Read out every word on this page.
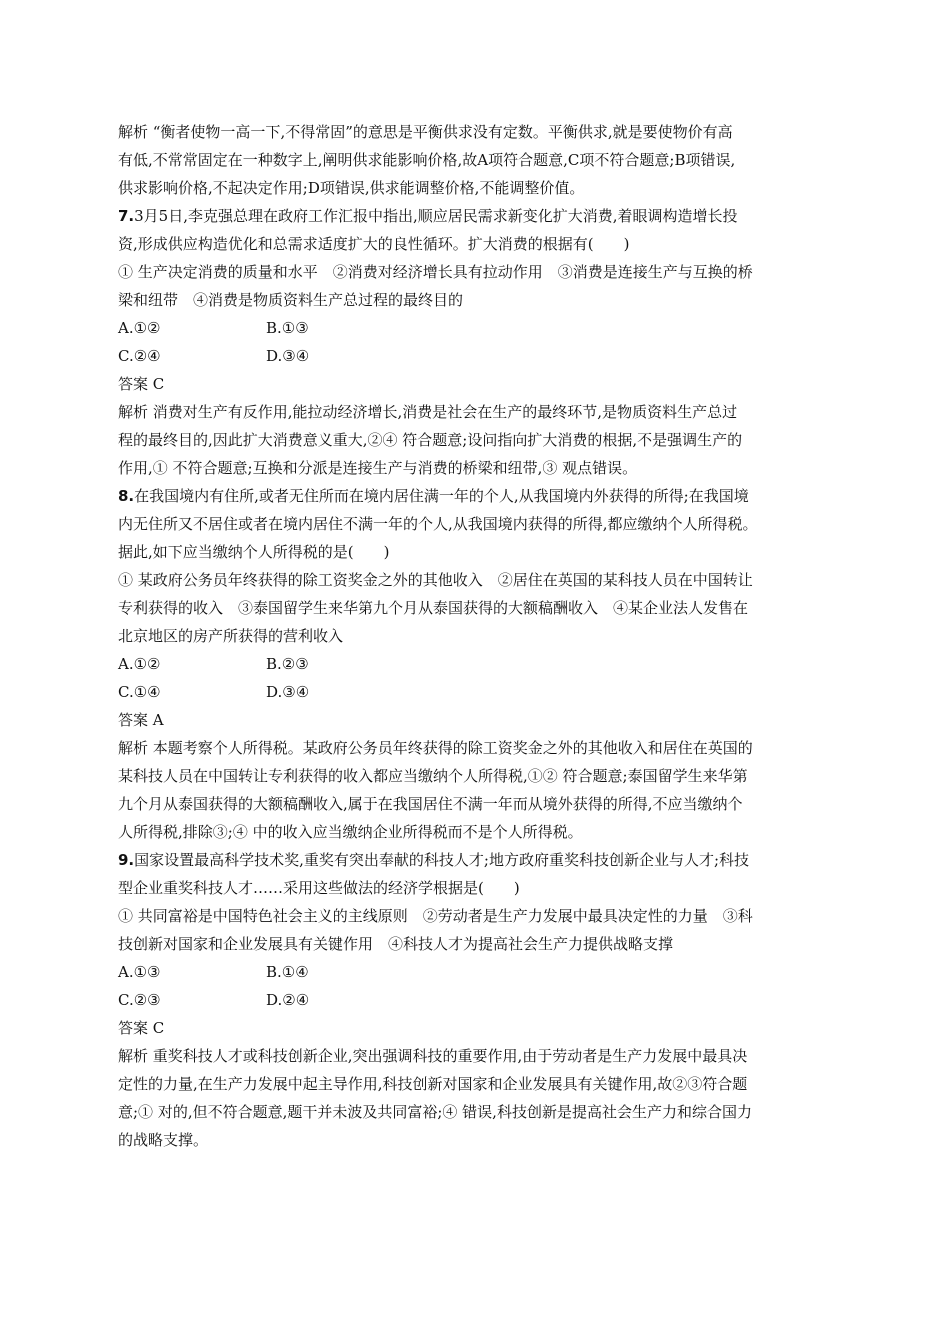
解析 “衡者使物一高一下,不得常固”的意思是平衡供求没有定数。平衡供求,就是要使物价有高
有低,不常常固定在一种数字上,阐明供求能影响价格,故A项符合题意,C项不符合题意;B项错误,
供求影响价格,不起决定作用;D项错误,供求能调整价格,不能调整价值。
7.3月5日,李克强总理在政府工作汇报中指出,顺应居民需求新变化扩大消费,着眼调构造增长投
资,形成供应构造优化和总需求适度扩大的良性循环。扩大消费的根据有(　　)
① 生产决定消费的质量和水平　②消费对经济增长具有拉动作用　③消费是连接生产与互换的桥
梁和纽带　④消费是物质资料生产总过程的最终目的
A.①②	B.①③
C.②④	D.③④
答案 C
解析 消费对生产有反作用,能拉动经济增长,消费是社会在生产的最终环节,是物质资料生产总过
程的最终目的,因此扩大消费意义重大,②④ 符合题意;设问指向扩大消费的根据,不是强调生产的
作用,① 不符合题意;互换和分派是连接生产与消费的桥梁和纽带,③ 观点错误。
8.在我国境内有住所,或者无住所而在境内居住满一年的个人,从我国境内外获得的所得;在我国境
内无住所又不居住或者在境内居住不满一年的个人,从我国境内获得的所得,都应缴纳个人所得税。
据此,如下应当缴纳个人所得税的是(　　)
① 某政府公务员年终获得的除工资奖金之外的其他收入　②居住在英国的某科技人员在中国转让
专利获得的收入　③泰国留学生来华第九个月从泰国获得的大额稿酬收入　④某企业法人发售在
北京地区的房产所获得的营利收入
A.①②	B.②③
C.①④	D.③④
答案 A
解析 本题考察个人所得税。某政府公务员年终获得的除工资奖金之外的其他收入和居住在英国的
某科技人员在中国转让专利获得的收入都应当缴纳个人所得税,①② 符合题意;泰国留学生来华第
九个月从泰国获得的大额稿酬收入,属于在我国居住不满一年而从境外获得的所得,不应当缴纳个
人所得税,排除③;④ 中的收入应当缴纳企业所得税而不是个人所得税。
9.国家设置最高科学技术奖,重奖有突出奉献的科技人才;地方政府重奖科技创新企业与人才;科技
型企业重奖科技人才……采用这些做法的经济学根据是(　　)
① 共同富裕是中国特色社会主义的主线原则　②劳动者是生产力发展中最具决定性的力量　③科
技创新对国家和企业发展具有关键作用　④科技人才为提高社会生产力提供战略支撑
A.①③	B.①④
C.②③	D.②④
答案 C
解析 重奖科技人才或科技创新企业,突出强调科技的重要作用,由于劳动者是生产力发展中最具决
定性的力量,在生产力发展中起主导作用,科技创新对国家和企业发展具有关键作用,故②③符合题
意;① 对的,但不符合题意,题干并未波及共同富裕;④ 错误,科技创新是提高社会生产力和综合国力
的战略支撑。
